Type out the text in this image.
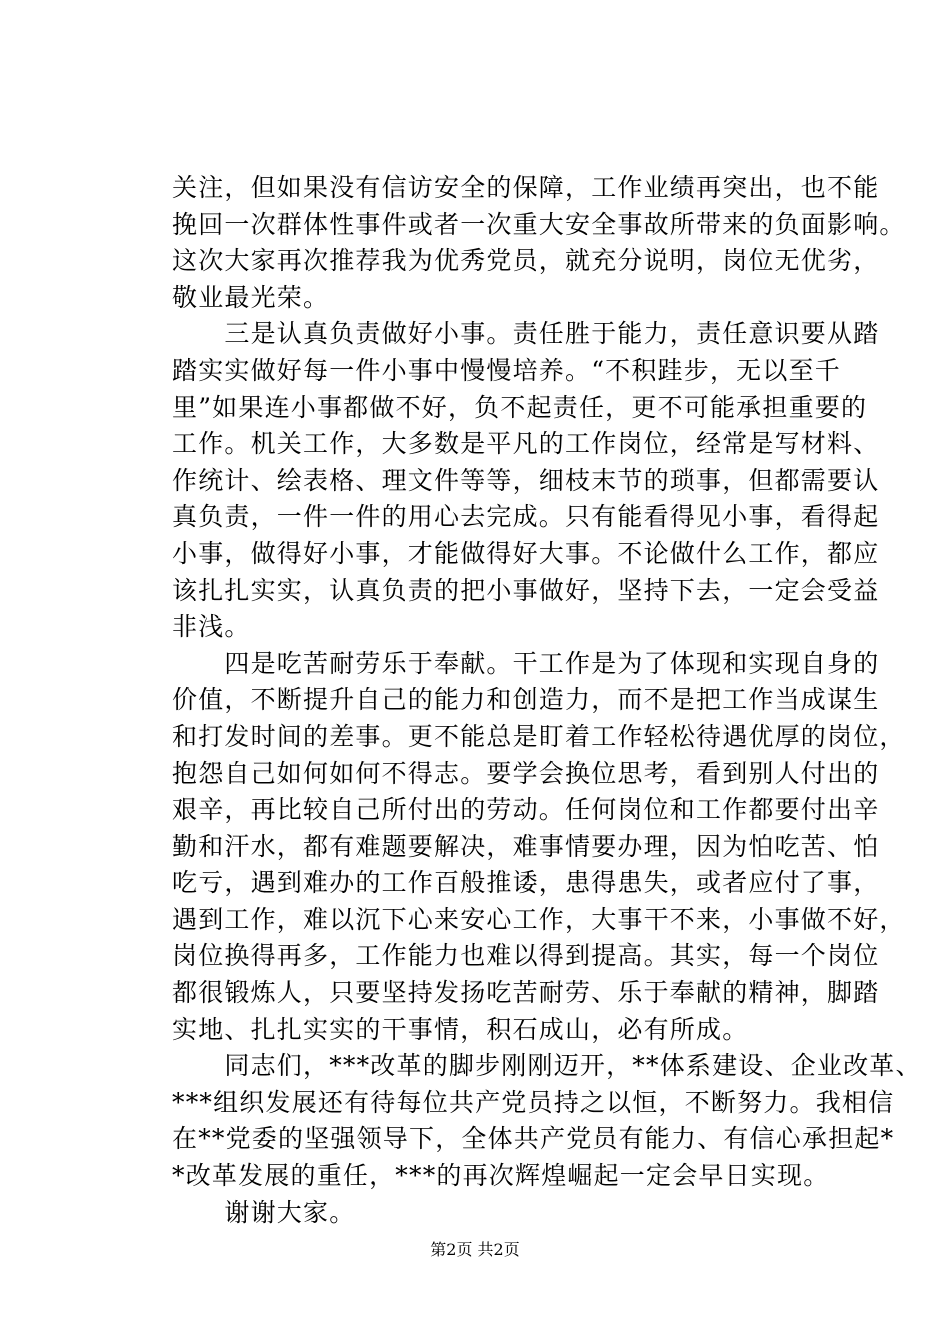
关注，但如果没有信访安全的保障，工作业绩再突出，也不能
挽回一次群体性事件或者一次重大安全事故所带来的负面影响。
这次大家再次推荐我为优秀党员，就充分说明，岗位无优劣，
敬业最光荣。
　　三是认真负责做好小事。责任胜于能力，责任意识要从踏
踏实实做好每一件小事中慢慢培养。“不积跬步，无以至千
里”如果连小事都做不好，负不起责任，更不可能承担重要的
工作。机关工作，大多数是平凡的工作岗位，经常是写材料、
作统计、绘表格、理文件等等，细枝末节的琐事，但都需要认
真负责，一件一件的用心去完成。只有能看得见小事，看得起
小事，做得好小事，才能做得好大事。不论做什么工作，都应
该扎扎实实，认真负责的把小事做好，坚持下去，一定会受益
非浅。
　　四是吃苦耐劳乐于奉献。干工作是为了体现和实现自身的
价值，不断提升自己的能力和创造力，而不是把工作当成谋生
和打发时间的差事。更不能总是盯着工作轻松待遇优厚的岗位，
抱怨自己如何如何不得志。要学会换位思考，看到别人付出的
艰辛，再比较自己所付出的劳动。任何岗位和工作都要付出辛
勤和汗水，都有难题要解决，难事情要办理，因为怕吃苦、怕
吃亏，遇到难办的工作百般推诿，患得患失，或者应付了事，
遇到工作，难以沉下心来安心工作，大事干不来，小事做不好，
岗位换得再多，工作能力也难以得到提高。其实，每一个岗位
都很锻炼人，只要坚持发扬吃苦耐劳、乐于奉献的精神，脚踏
实地、扎扎实实的干事情，积石成山，必有所成。
　　同志们，***改革的脚步刚刚迈开，**体系建设、企业改革、
***组织发展还有待每位共产党员持之以恒，不断努力。我相信
在**党委的坚强领导下，全体共产党员有能力、有信心承担起*
*改革发展的重任，***的再次辉煌崛起一定会早日实现。
　　谢谢大家。
第2页 共2页
